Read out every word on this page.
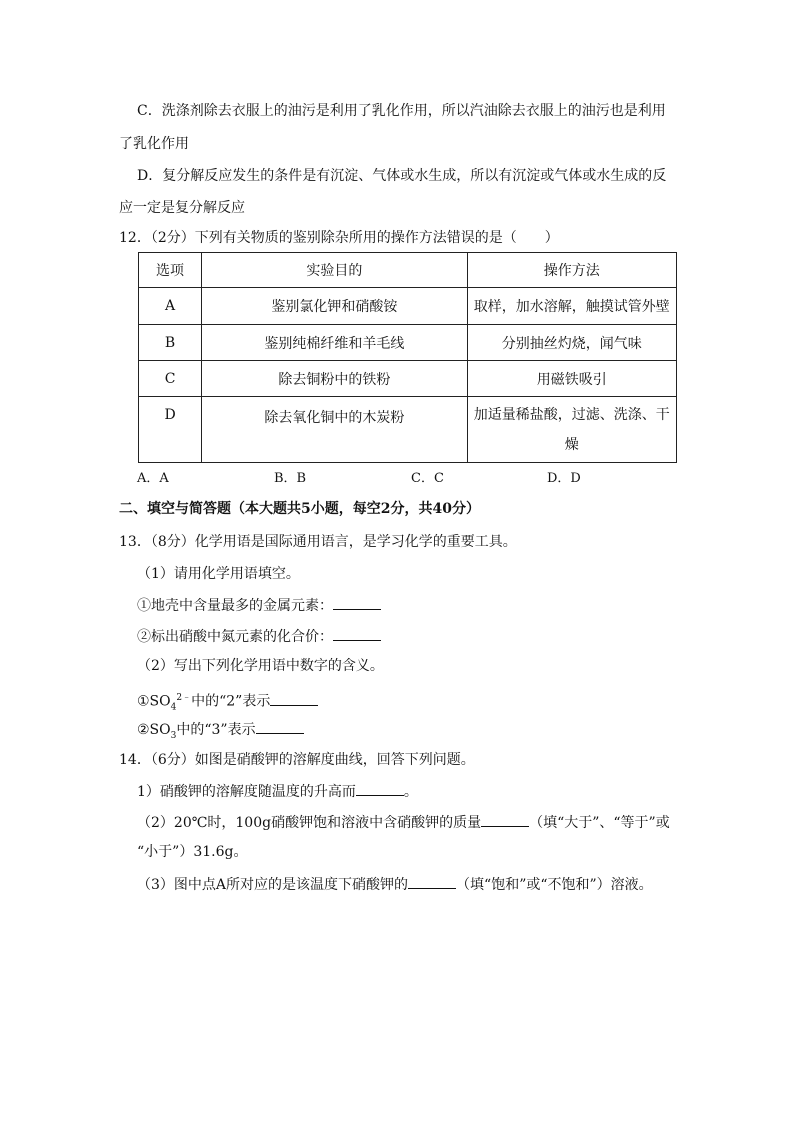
C．洗涤剂除去衣服上的油污是利用了乳化作用，所以汽油除去衣服上的油污也是利用
了乳化作用
D．复分解反应发生的条件是有沉淀、气体或水生成，所以有沉淀或气体或水生成的反
应一定是复分解反应
12．（2分）下列有关物质的鉴别除杂所用的操作方法错误的是（　　）
选项	实验目的	操作方法
A	鉴别氯化钾和硝酸铵	取样，加水溶解，触摸试管外壁
B	鉴别纯棉纤维和羊毛线	分别抽丝灼烧，闻气味
C	除去铜粉中的铁粉	用磁铁吸引
D	除去氧化铜中的木炭粉	加适量稀盐酸，过滤、洗涤、干燥
A．A	B．B	C．C	D．D
二、填空与简答题（本大题共5小题，每空2分，共40分）
13．（8分）化学用语是国际通用语言，是学习化学的重要工具。
（1）请用化学用语填空。
①地壳中含量最多的金属元素：
②标出硝酸中氮元素的化合价：
（2）写出下列化学用语中数字的含义。
$①SO_4^{2﹣}$中的“2”表示
$②SO_3$中的“3”表示
14．（6分）如图是硝酸钾的溶解度曲线，回答下列问题。
1）硝酸钾的溶解度随温度的升高而	。
（2）20℃时，100g硝酸钾饱和溶液中含硝酸钾的质量	（填“大于”、“等于”或
“小于”）31.6g。
（3）图中点A所对应的是该温度下硝酸钾的	（填“饱和”或“不饱和”）溶液。
